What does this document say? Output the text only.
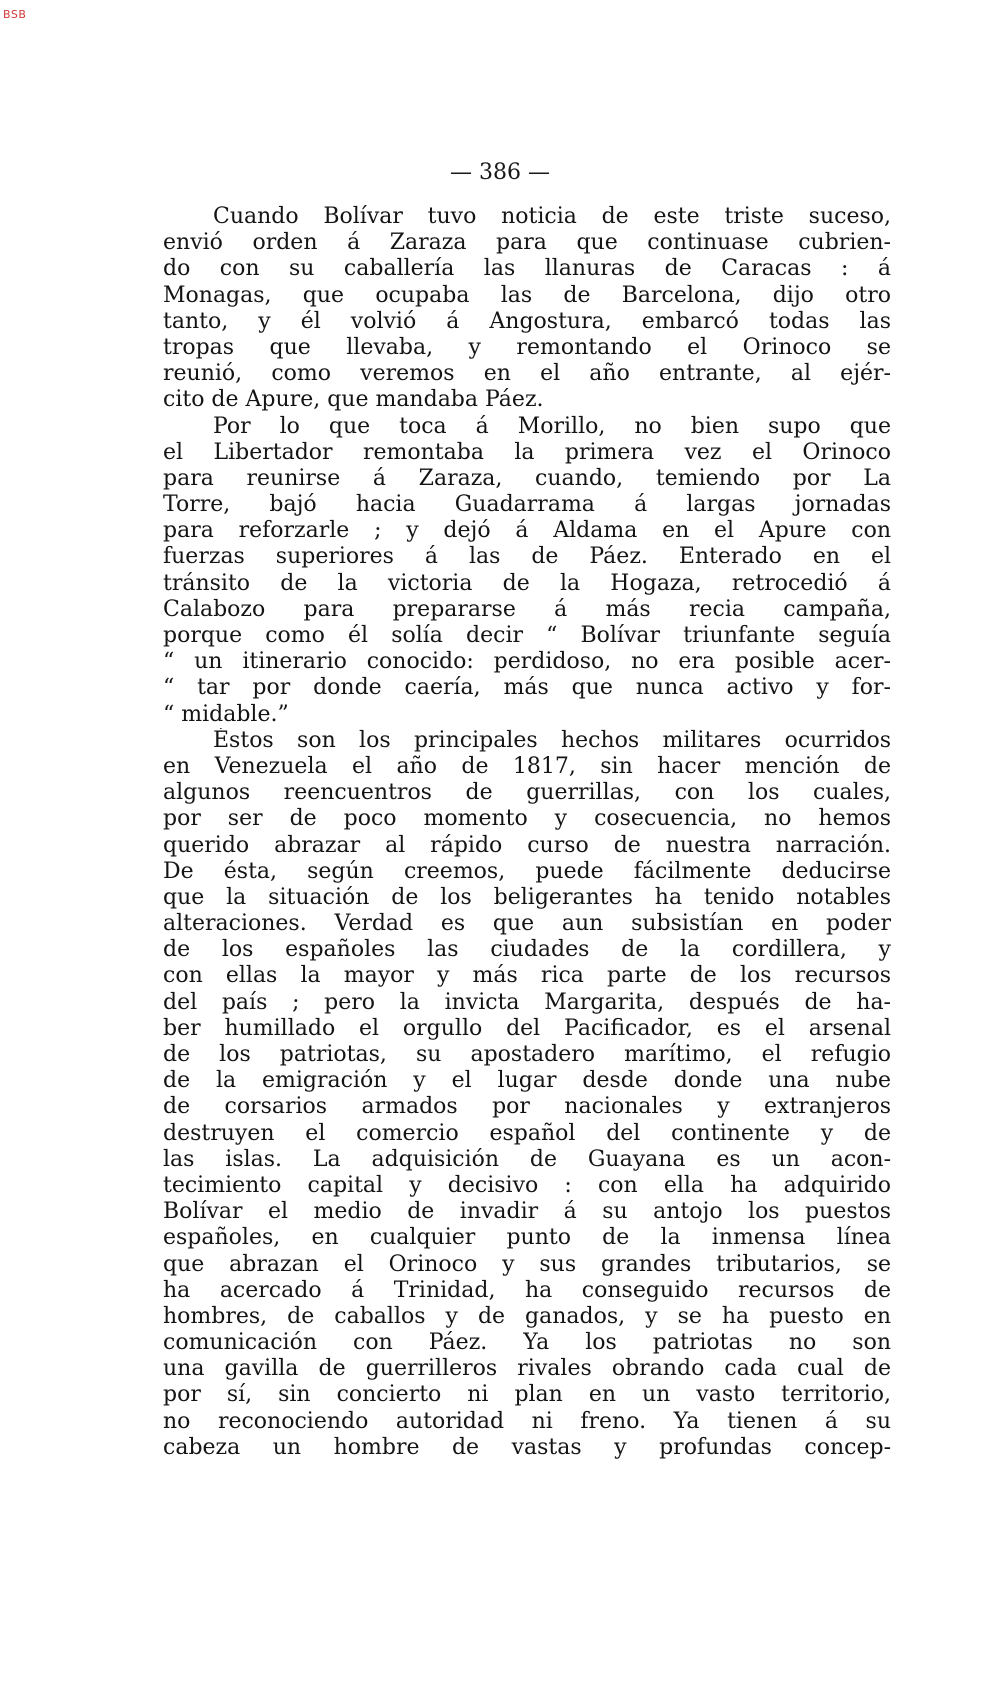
BSB
— 386 —
Cuando Bolívar tuvo noticia de este triste suceso,
envió orden á Zaraza para que continuase cubrien-
do con su caballería las llanuras de Caracas : á
Monagas, que ocupaba las de Barcelona, dijo otro
tanto, y él volvió á Angostura, embarcó todas las
tropas que llevaba, y remontando el Orinoco se
reunió, como veremos en el año entrante, al ejér-
cito de Apure, que mandaba Páez.
Por lo que toca á Morillo, no bien supo que
el Libertador remontaba la primera vez el Orinoco
para reunirse á Zaraza, cuando, temiendo por La
Torre, bajó hacia Guadarrama á largas jornadas
para reforzarle ; y dejó á Aldama en el Apure con
fuerzas superiores á las de Páez. Enterado en el
tránsito de la victoria de la Hogaza, retrocedió á
Calabozo para prepararse á más recia campaña,
porque como él solía decir “ Bolívar triunfante seguía
“ un itinerario conocido: perdidoso, no era posible acer-
“ tar por donde caería, más que nunca activo y for-
“ midable.”
Éstos son los principales hechos militares ocurridos
en Venezuela el año de 1817, sin hacer mención de
algunos reencuentros de guerrillas, con los cuales,
por ser de poco momento y cosecuencia, no hemos
querido abrazar al rápido curso de nuestra narración.
De ésta, según creemos, puede fácilmente deducirse
que la situación de los beligerantes ha tenido notables
alteraciones. Verdad es que aun subsistían en poder
de los españoles las ciudades de la cordillera, y
con ellas la mayor y más rica parte de los recursos
del país ; pero la invicta Margarita, después de ha-
ber humillado el orgullo del Pacificador, es el arsenal
de los patriotas, su apostadero marítimo, el refugio
de la emigración y el lugar desde donde una nube
de corsarios armados por nacionales y extranjeros
destruyen el comercio español del continente y de
las islas. La adquisición de Guayana es un acon-
tecimiento capital y decisivo : con ella ha adquirido
Bolívar el medio de invadir á su antojo los puestos
españoles, en cualquier punto de la inmensa línea
que abrazan el Orinoco y sus grandes tributarios, se
ha acercado á Trinidad, ha conseguido recursos de
hombres, de caballos y de ganados, y se ha puesto en
comunicación con Páez. Ya los patriotas no son
una gavilla de guerrilleros rivales obrando cada cual de
por sí, sin concierto ni plan en un vasto territorio,
no reconociendo autoridad ni freno. Ya tienen á su
cabeza un hombre de vastas y profundas concep-
